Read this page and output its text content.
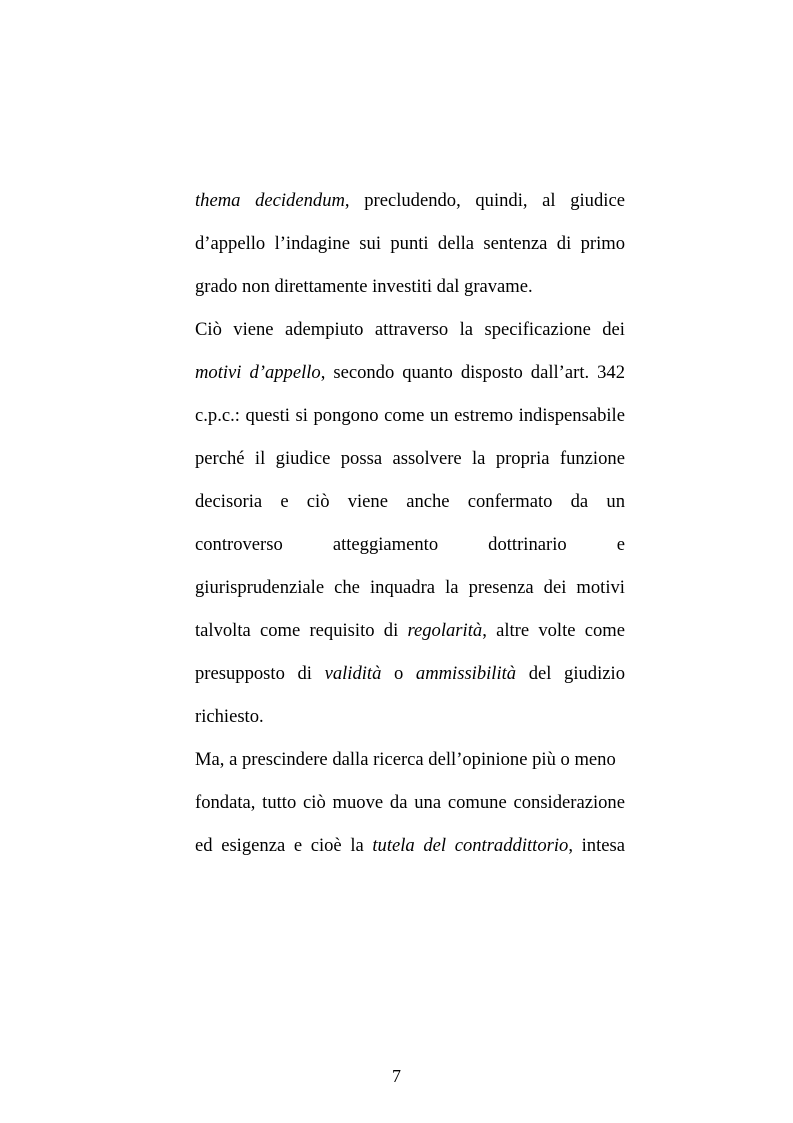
thema decidendum, precludendo, quindi, al giudice
d’appello l’indagine sui punti della sentenza di primo
grado non direttamente investiti dal gravame.
Ciò viene adempiuto attraverso la specificazione dei
motivi d’appello, secondo quanto disposto dall’art. 342
c.p.c.: questi si pongono come un estremo indispensabile
perché il giudice possa assolvere la propria funzione
decisoria e ciò viene anche confermato da un
controverso	atteggiamento	dottrinario	e
giurisprudenziale che inquadra la presenza dei motivi
talvolta come requisito di regolarità, altre volte come
presupposto di validità o ammissibilità del giudizio
richiesto.
Ma, a prescindere dalla ricerca dell’opinione più o meno
fondata, tutto ciò muove da una comune considerazione
ed esigenza e cioè la tutela del contraddittorio, intesa
7
